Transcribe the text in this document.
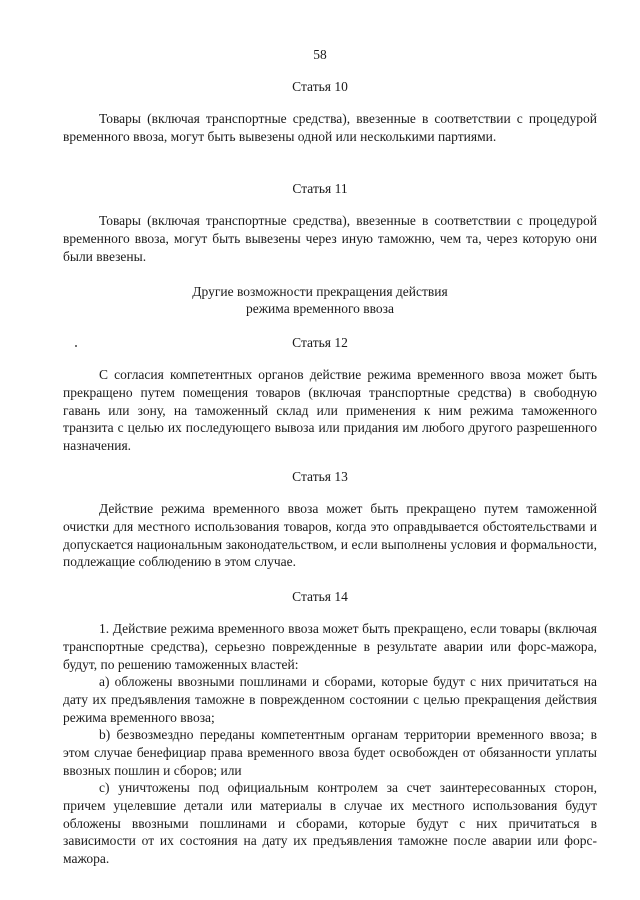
58
Статья 10

Товары (включая транспортные средства), ввезенные в соответствии с процедурой временного ввоза, могут быть вывезены одной или несколькими партиями.

Статья 11

Товары (включая транспортные средства), ввезенные в соответствии с процедурой временного ввоза, могут быть вывезены через иную таможню, чем та, через которую они были ввезены.

Другие возможности прекращения действия
режима временного ввоза
Статья 12

С согласия компетентных органов действие режима временного ввоза может быть прекращено путем помещения товаров (включая транспортные средства) в свободную гавань или зону, на таможенный склад или применения к ним режима таможенного транзита с целью их последующего вывоза или придания им любого другого разрешенного назначения.

Статья 13

Действие режима временного ввоза может быть прекращено путем таможенной очистки для местного использования товаров, когда это оправдывается обстоятельствами и допускается национальным законодательством, и если выполнены условия и формальности, подлежащие соблюдению в этом случае.

Статья 14

1. Действие режима временного ввоза может быть прекращено, если товары (включая транспортные средства), серьезно поврежденные в результате аварии или форс-мажора, будут, по решению таможенных властей:

a) обложены ввозными пошлинами и сборами, которые будут с них причитаться на дату их предъявления таможне в поврежденном состоянии с целью прекращения действия режима временного ввоза;

b) безвозмездно переданы компетентным органам территории временного ввоза; в этом случае бенефициар права временного ввоза будет освобожден от обязанности уплаты ввозных пошлин и сборов; или

c) уничтожены под официальным контролем за счет заинтересованных сторон, причем уцелевшие детали или материалы в случае их местного использования будут обложены ввозными пошлинами и сборами, которые будут с них причитаться в зависимости от их состояния на дату их предъявления таможне после аварии или форс-мажора.
